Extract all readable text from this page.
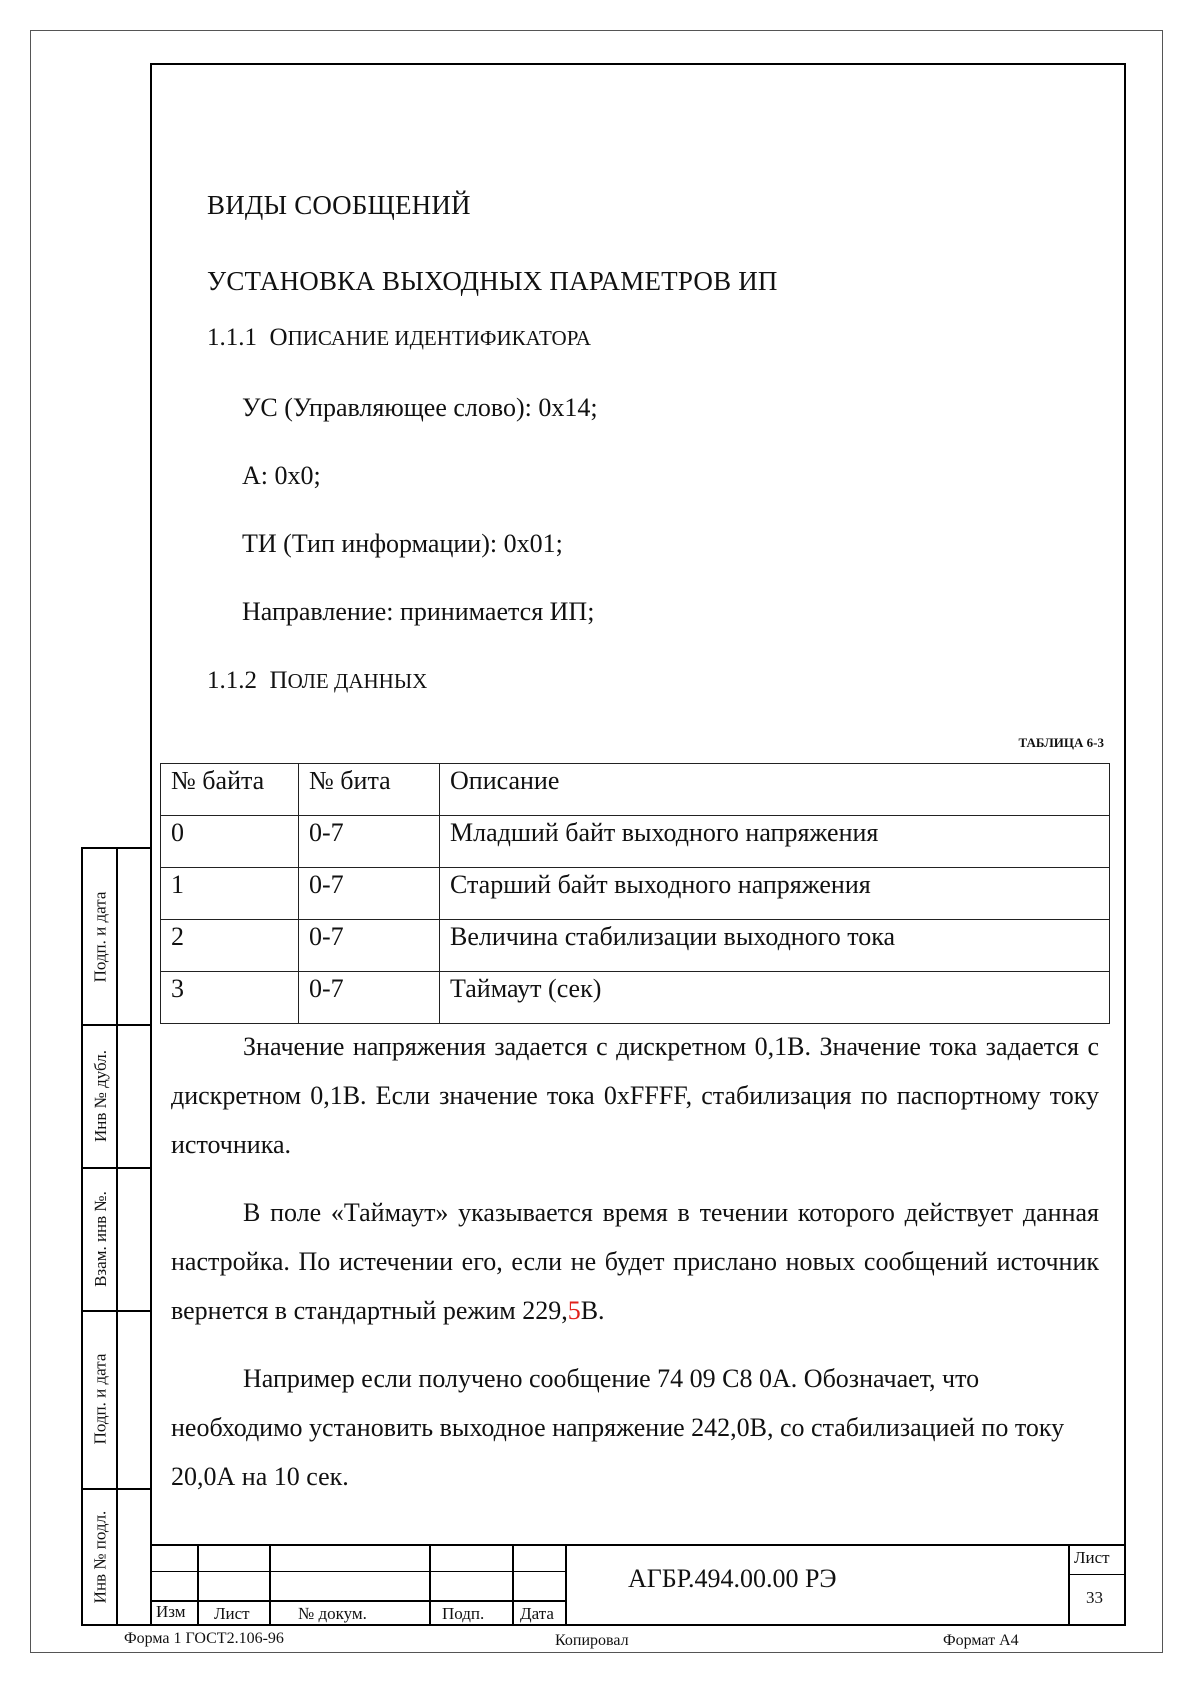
ВИДЫ СООБЩЕНИЙ
УСТАНОВКА ВЫХОДНЫХ ПАРАМЕТРОВ ИП
1.1.1 ОПИСАНИЕ ИДЕНТИФИКАТОРА
УС (Управляющее слово): 0x14;
A: 0x0;
ТИ (Тип информации): 0x01;
Направление: принимается ИП;
1.1.2 ПОЛЕ ДАННЫХ
ТАБЛИЦА 6-3
№ байта	№ бита	Описание
0	0-7	Младший байт выходного напряжения
1	0-7	Старший байт выходного напряжения
2	0-7	Величина стабилизации выходного тока
3	0-7	Таймаут (сек)

Значение напряжения задается с дискретном 0,1В. Значение тока задается с дискретном 0,1В. Если значение тока 0xFFFF, стабилизация по паспортному току источника.

В поле «Таймаут» указывается время в течении которого действует данная настройка. По истечении его, если не будет прислано новых сообщений источник вернется в стандартный режим 229,5В.

Например если получено сообщение 74 09 C8 0A. Обозначает, что необходимо установить выходное напряжение 242,0В, со стабилизацией по току 20,0А на 10 сек.

Подп. и дата
Инв № дубл.
Взам. инв №.
Подп. и дата
Инв № подл.
Изм Лист	№ докум.	Подп. Дата
АГБР.494.00.00 РЭ
Лист
33
Форма 1 ГОСТ2.106-96	Копировал	Формат А4
